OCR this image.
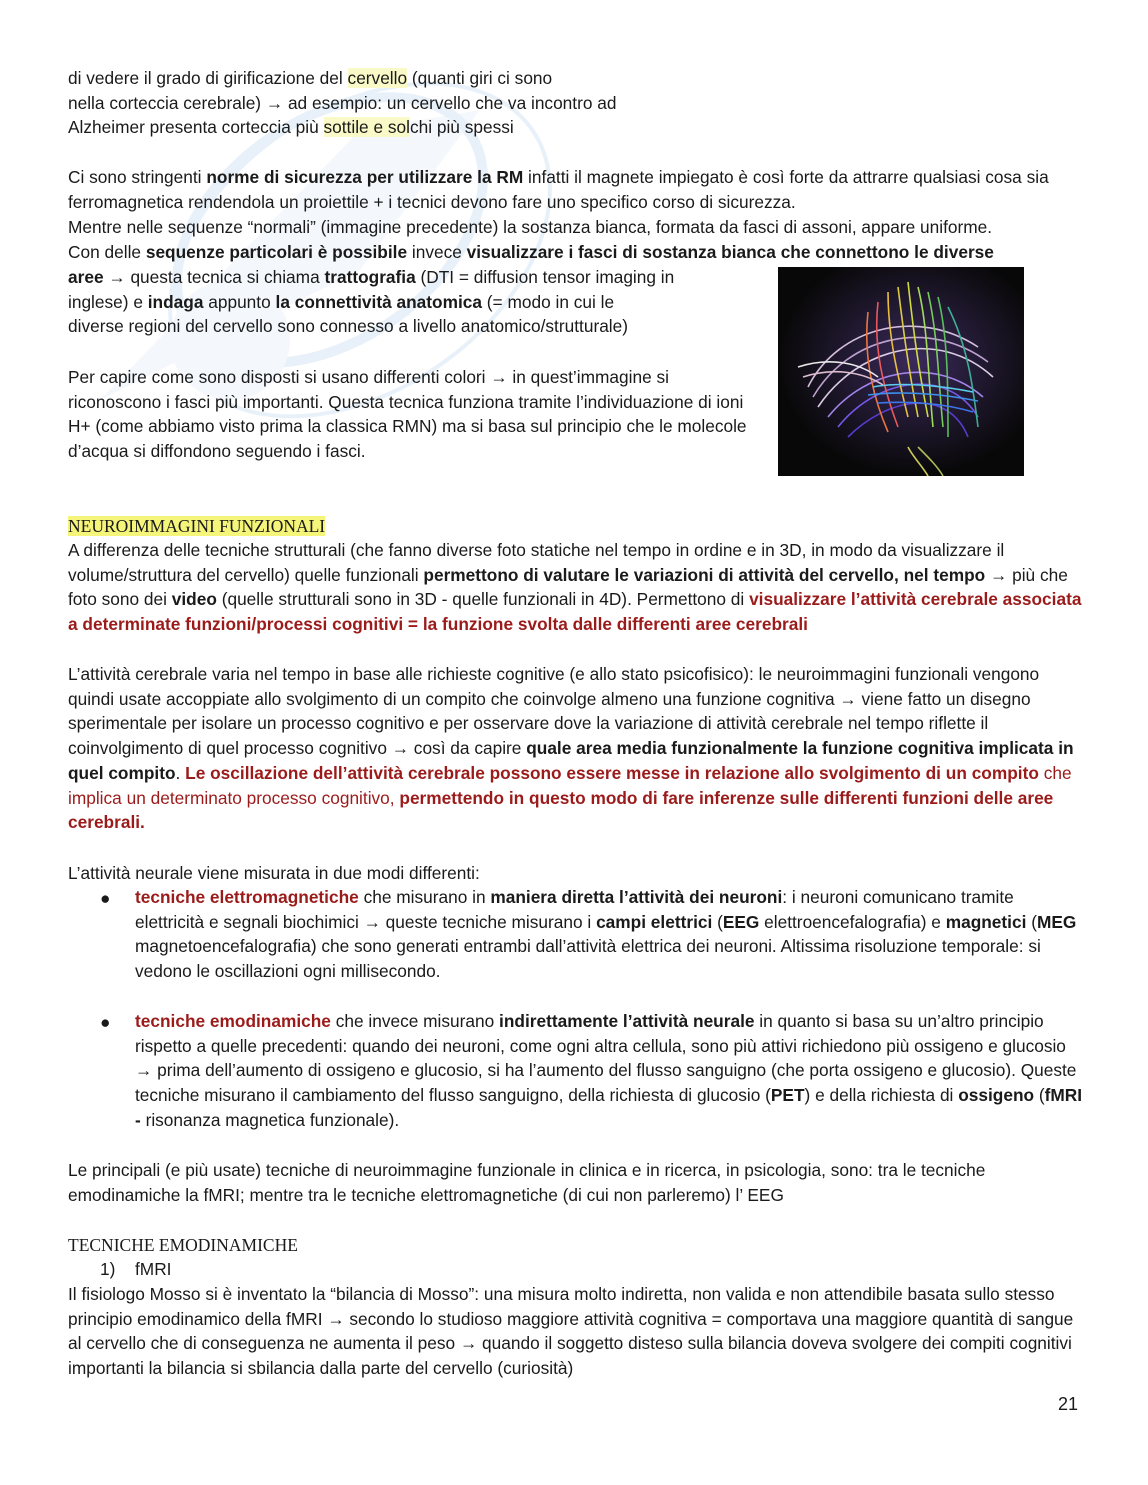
di vedere il grado di girificazione del cervello (quanti giri ci sono
nella corteccia cerebrale) → ad esempio: un cervello che va incontro ad
Alzheimer presenta corteccia più sottile e solchi più spessi

Ci sono stringenti norme di sicurezza per utilizzare la RM infatti il magnete impiegato è così forte da attrarre qualsiasi cosa sia ferromagnetica rendendola un proiettile + i tecnici devono fare uno specifico corso di sicurezza.

Mentre nelle sequenze “normali” (immagine precedente) la sostanza bianca, formata da fasci di assoni, appare uniforme.
Con delle sequenze particolari è possibile invece visualizzare i fasci di sostanza bianca che connettono le diverse

aree → questa tecnica si chiama trattografia (DTI = diffusion tensor imaging in
inglese) e indaga appunto la connettività anatomica (= modo in cui le
diverse regioni del cervello sono connesso a livello anatomico/strutturale)

Per capire come sono disposti si usano differenti colori → in quest’immagine si riconoscono i fasci più importanti. Questa tecnica funziona tramite l’individuazione di ioni H+ (come abbiamo visto prima la classica RMN) ma si basa sul principio che le molecole d’acqua si diffondono seguendo i fasci.

NEUROIMMAGINI FUNZIONALI

A differenza delle tecniche strutturali (che fanno diverse foto statiche nel tempo in ordine e in 3D, in modo da visualizzare il volume/struttura del cervello) quelle funzionali permettono di valutare le variazioni di attività del cervello, nel tempo → più che foto sono dei video (quelle strutturali sono in 3D - quelle funzionali in 4D). Permettono di visualizzare l’attività cerebrale associata a determinate funzioni/processi cognitivi = la funzione svolta dalle differenti aree cerebrali

L’attività cerebrale varia nel tempo in base alle richieste cognitive (e allo stato psicofisico): le neuroimmagini funzionali vengono quindi usate accoppiate allo svolgimento di un compito che coinvolge almeno una funzione cognitiva → viene fatto un disegno sperimentale per isolare un processo cognitivo e per osservare dove la variazione di attività cerebrale nel tempo riflette il coinvolgimento di quel processo cognitivo → così da capire quale area media funzionalmente la funzione cognitiva implicata in quel compito. Le oscillazione dell’attività cerebrale possono essere messe in relazione allo svolgimento di un compito che implica un determinato processo cognitivo, permettendo in questo modo di fare inferenze sulle differenti funzioni delle aree cerebrali.

L’attività neurale viene misurata in due modi differenti:

● tecniche elettromagnetiche che misurano in maniera diretta l’attività dei neuroni: i neuroni comunicano tramite elettricità e segnali biochimici → queste tecniche misurano i campi elettrici (EEG elettroencefalografia) e magnetici (MEG magnetoencefalografia) che sono generati entrambi dall’attività elettrica dei neuroni. Altissima risoluzione temporale: si vedono le oscillazioni ogni millisecondo.

● tecniche emodinamiche che invece misurano indirettamente l’attività neurale in quanto si basa su un’altro principio rispetto a quelle precedenti: quando dei neuroni, come ogni altra cellula, sono più attivi richiedono più ossigeno e glucosio → prima dell’aumento di ossigeno e glucosio, si ha l’aumento del flusso sanguigno (che porta ossigeno e glucosio). Queste tecniche misurano il cambiamento del flusso sanguigno, della richiesta di glucosio (PET) e della richiesta di ossigeno (fMRI - risonanza magnetica funzionale).

Le principali (e più usate) tecniche di neuroimmagine funzionale in clinica e in ricerca, in psicologia, sono: tra le tecniche emodinamiche la fMRI; mentre tra le tecniche elettromagnetiche (di cui non parleremo) l’ EEG

TECNICHE EMODINAMICHE
1) fMRI

Il fisiologo Mosso si è inventato la “bilancia di Mosso”: una misura molto indiretta, non valida e non attendibile basata sullo stesso principio emodinamico della fMRI → secondo lo studioso maggiore attività cognitiva = comportava una maggiore quantità di sangue al cervello che di conseguenza ne aumenta il peso → quando il soggetto disteso sulla bilancia doveva svolgere dei compiti cognitivi importanti la bilancia si sbilancia dalla parte del cervello (curiosità)

21
